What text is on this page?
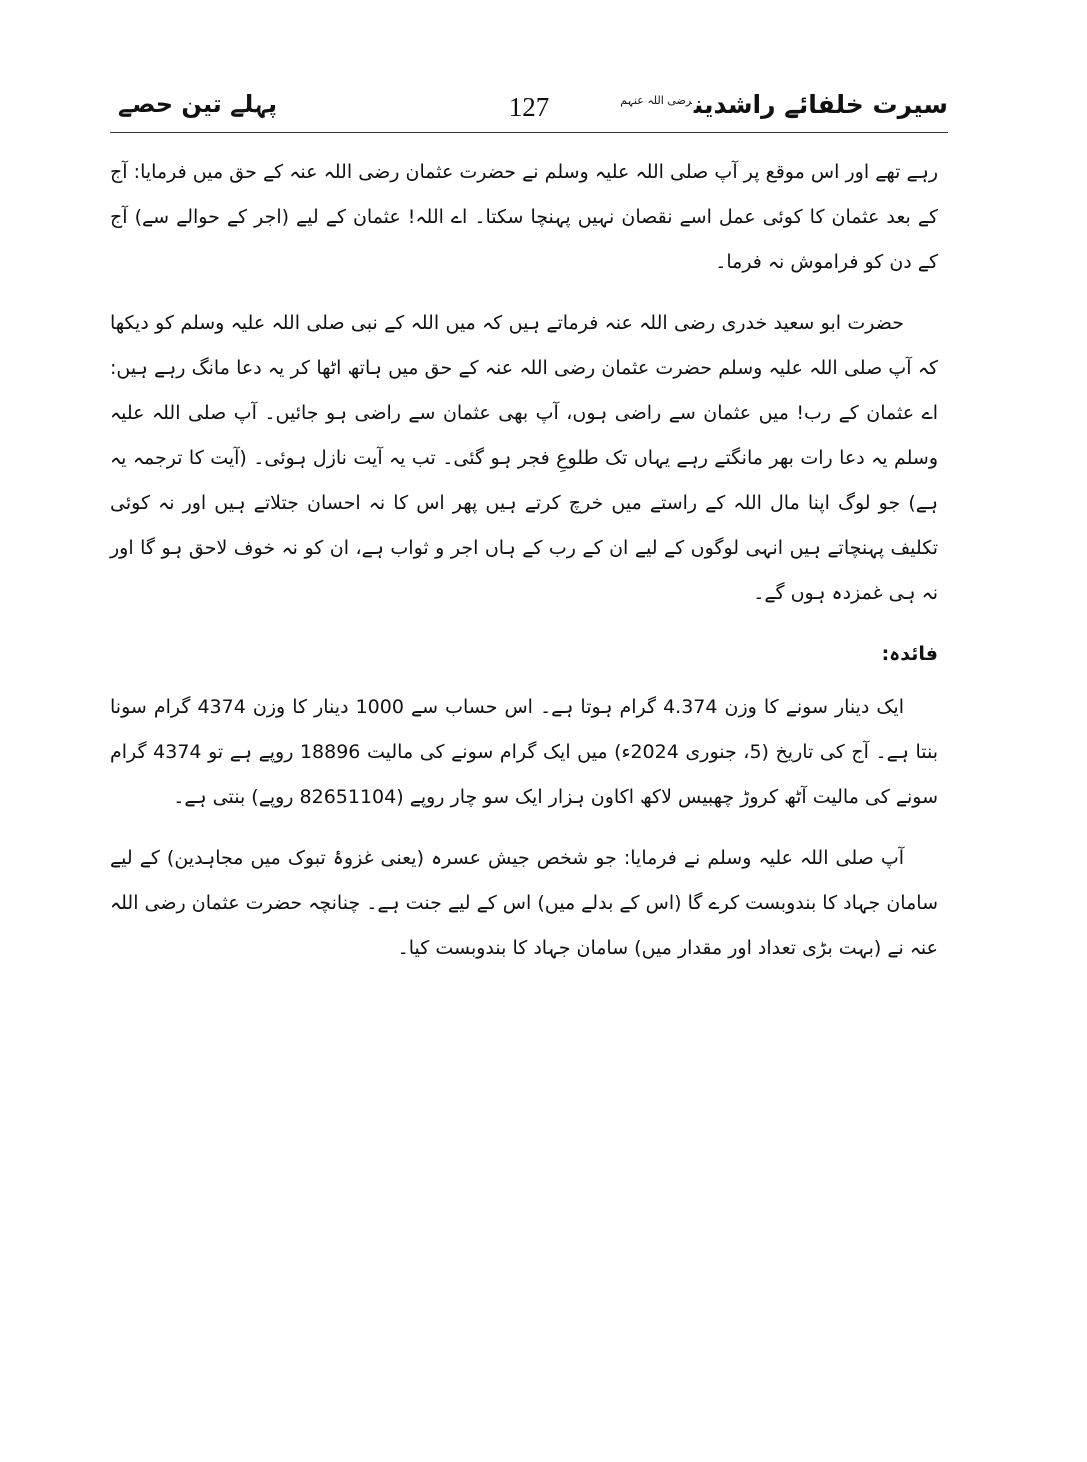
سیرت خلفائے راشدین$^{رضی اللہ عنہم}$
127
پہلے تین حصے

رہے تھے اور اس موقع پر آپ صلی اللہ علیہ وسلم نے حضرت عثمان رضی اللہ عنہ کے حق میں فرمایا: آج کے بعد عثمان کا کوئی عمل اسے نقصان نہیں پہنچا سکتا۔ اے اللہ! عثمان کے لیے (اجر کے حوالے سے) آج کے دن کو فراموش نہ فرما۔

حضرت ابو سعید خدری رضی اللہ عنہ فرماتے ہیں کہ میں اللہ کے نبی صلی اللہ علیہ وسلم کو دیکھا کہ آپ صلی اللہ علیہ وسلم حضرت عثمان رضی اللہ عنہ کے حق میں ہاتھ اٹھا کر یہ دعا مانگ رہے ہیں: اے عثمان کے رب! میں عثمان سے راضی ہوں، آپ بھی عثمان سے راضی ہو جائیں۔ آپ صلی اللہ علیہ وسلم یہ دعا رات بھر مانگتے رہے یہاں تک طلوعِ فجر ہو گئی۔ تب یہ آیت نازل ہوئی۔ (آیت کا ترجمہ یہ ہے) جو لوگ اپنا مال اللہ کے راستے میں خرچ کرتے ہیں پھر اس کا نہ احسان جتلاتے ہیں اور نہ کوئی تکلیف پہنچاتے ہیں انہی لوگوں کے لیے ان کے رب کے ہاں اجر و ثواب ہے، ان کو نہ خوف لاحق ہو گا اور نہ ہی غمزدہ ہوں گے۔

فائدہ:

ایک دینار سونے کا وزن 4.374 گرام ہوتا ہے۔ اس حساب سے 1000 دینار کا وزن 4374 گرام سونا بنتا ہے۔ آج کی تاریخ (5، جنوری 2024ء) میں ایک گرام سونے کی مالیت 18896 روپے ہے تو 4374 گرام سونے کی مالیت آٹھ کروڑ چھبیس لاکھ اکاون ہزار ایک سو چار روپے (82651104 روپے) بنتی ہے۔

آپ صلی اللہ علیہ وسلم نے فرمایا: جو شخص جیش عسرہ (یعنی غزوۂ تبوک میں مجاہدین) کے لیے سامان جہاد کا بندوبست کرے گا (اس کے بدلے میں) اس کے لیے جنت ہے۔ چنانچہ حضرت عثمان رضی اللہ عنہ نے (بہت بڑی تعداد اور مقدار میں) سامان جہاد کا بندوبست کیا۔
